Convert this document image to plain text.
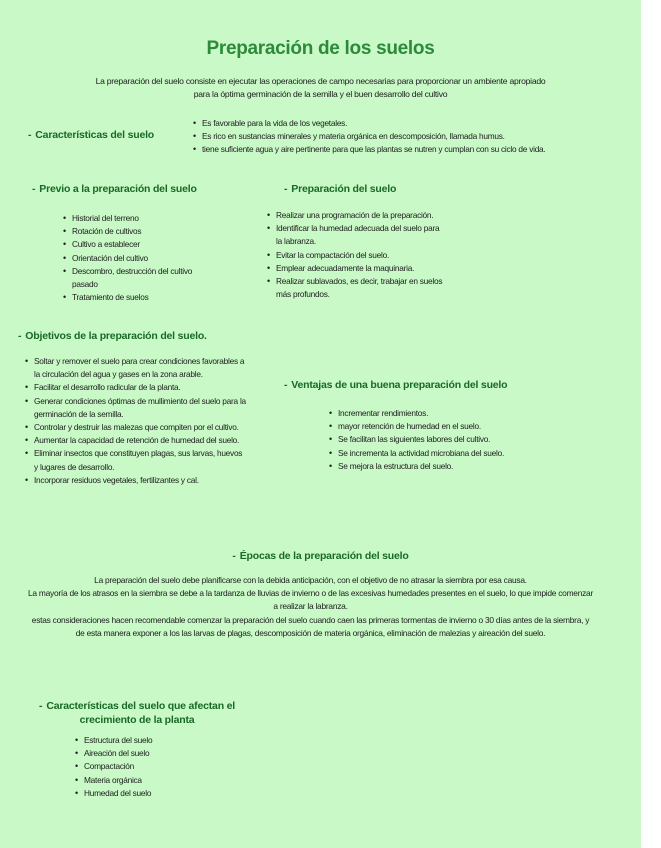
Preparación de los suelos
La preparación del suelo consiste en ejecutar las operaciones de campo necesarias para proporcionar un ambiente apropiado para la óptima germinación de la semilla y el buen desarrollo del cultivo
- Características del suelo
• Es favorable para la vida de los vegetales.
• Es rico en sustancias minerales y materia orgánica en descomposición, llamada humus.
• tiene suficiente agua y aire pertinente para que las plantas se nutren y cumplan con su ciclo de vida.
- Previo a la preparación del suelo
• Historial del terreno
• Rotación de cultivos
• Cultivo a establecer
• Orientación del cultivo
• Descombro, destrucción del cultivo pasado
• Tratamiento de suelos
- Preparación del suelo
• Realizar una programación de la preparación.
• Identificar la humedad adecuada del suelo para la labranza.
• Evitar la compactación del suelo.
• Emplear adecuadamente la maquinaria.
• Realizar sublavados, es decir, trabajar en suelos más profundos.
- Objetivos de la preparación del suelo.
• Soltar y remover el suelo para crear condiciones favorables a la circulación del agua y gases en la zona arable.
• Facilitar el desarrollo radicular de la planta.
• Generar condiciones óptimas de mullimiento del suelo para la germinación de la semilla.
• Controlar y destruir las malezas que compiten por el cultivo.
• Aumentar la capacidad de retención de humedad del suelo.
• Eliminar insectos que constituyen plagas, sus larvas, huevos y lugares de desarrollo.
• Incorporar residuos vegetales, fertilizantes y cal.
- Ventajas de una buena preparación del suelo
• Incrementar rendimientos.
• mayor retención de humedad en el suelo.
• Se facilitan las siguientes labores del cultivo.
• Se incrementa la actividad microbiana del suelo.
• Se mejora la estructura del suelo.
- Épocas de la preparación del suelo
La preparación del suelo debe planificarse con la debida anticipación, con el objetivo de no atrasar la siembra por esa causa.
La mayoría de los atrasos en la siembra se debe a la tardanza de lluvias de invierno o de las excesivas humedades presentes en el suelo, lo que impide comenzar a realizar la labranza.
estas consideraciones hacen recomendable comenzar la preparación del suelo cuando caen las primeras tormentas de invierno o 30 días antes de la siembra, y de esta manera exponer a los las larvas de plagas, descomposición de materia orgánica, eliminación de malezias y aireación del suelo.
- Características del suelo que afectan el crecimiento de la planta
• Estructura del suelo
• Aireación del suelo
• Compactación
• Materia orgánica
• Humedad del suelo
